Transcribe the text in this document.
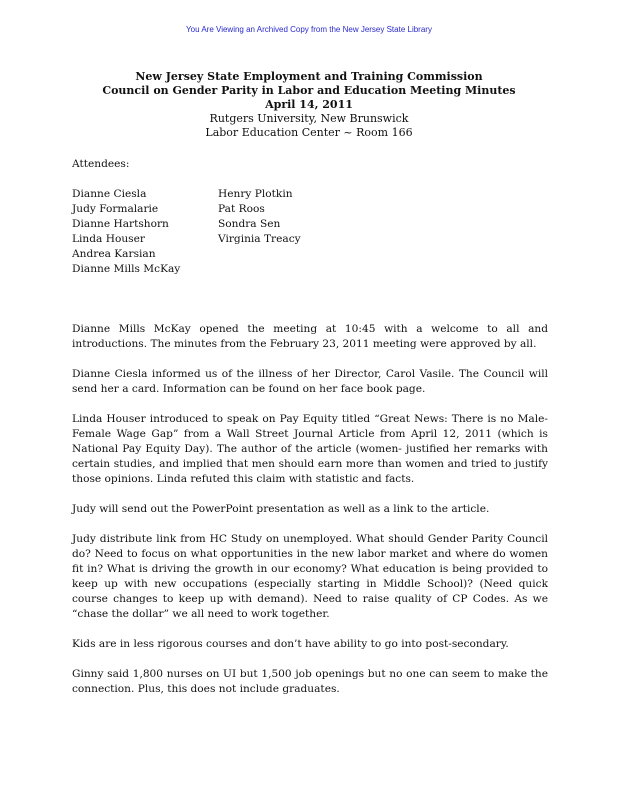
You Are Viewing an Archived Copy from the New Jersey State Library
New Jersey State Employment and Training Commission
Council on Gender Parity in Labor and Education Meeting Minutes
April 14, 2011
Rutgers University, New Brunswick
Labor Education Center ~ Room 166
Attendees:
Dianne Ciesla
Judy Formalarie
Dianne Hartshorn
Linda Houser
Andrea Karsian
Dianne Mills McKay
Henry Plotkin
Pat Roos
Sondra Sen
Virginia Treacy

Dianne Mills McKay opened the meeting at 10:45 with a welcome to all and introductions. The minutes from the February 23, 2011 meeting were approved by all.

Dianne Ciesla informed us of the illness of her Director, Carol Vasile. The Council will send her a card. Information can be found on her face book page.

Linda Houser introduced to speak on Pay Equity titled “Great News: There is no Male-Female Wage Gap” from a Wall Street Journal Article from April 12, 2011 (which is National Pay Equity Day). The author of the article (women- justified her remarks with certain studies, and implied that men should earn more than women and tried to justify those opinions. Linda refuted this claim with statistic and facts.

Judy will send out the PowerPoint presentation as well as a link to the article.

Judy distribute link from HC Study on unemployed. What should Gender Parity Council do? Need to focus on what opportunities in the new labor market and where do women fit in? What is driving the growth in our economy? What education is being provided to keep up with new occupations (especially starting in Middle School)? (Need quick course changes to keep up with demand). Need to raise quality of CP Codes. As we “chase the dollar” we all need to work together.

Kids are in less rigorous courses and don’t have ability to go into post-secondary.

Ginny said 1,800 nurses on UI but 1,500 job openings but no one can seem to make the connection. Plus, this does not include graduates.
